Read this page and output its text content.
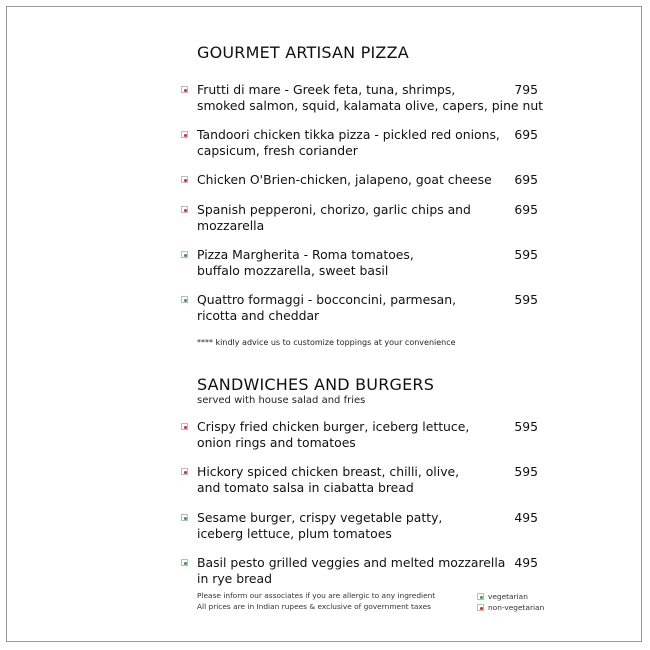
GOURMET ARTISAN PIZZA
Frutti di mare - Greek feta, tuna, shrimps,
smoked salmon, squid, kalamata olive, capers, pine nut
795
Tandoori chicken tikka pizza - pickled red onions,
capsicum, fresh coriander
695
Chicken O'Brien-chicken, jalapeno, goat cheese	695
Spanish pepperoni, chorizo, garlic chips and
mozzarella
695
Pizza Margherita - Roma tomatoes,
buffalo mozzarella, sweet basil
595
Quattro formaggi - bocconcini, parmesan,
ricotta and cheddar
595
**** kindly advice us to customize toppings at your convenience
SANDWICHES AND BURGERS
served with house salad and fries
Crispy fried chicken burger, iceberg lettuce,
onion rings and tomatoes
595
Hickory spiced chicken breast, chilli, olive,
and tomato salsa in ciabatta bread
595
Sesame burger, crispy vegetable patty,
iceberg lettuce, plum tomatoes
495
Basil pesto grilled veggies and melted mozzarella
in rye bread
495
Please inform our associates if you are allergic to any ingredient
All prices are in Indian rupees & exclusive of government taxes
vegetarian
non-vegetarian
